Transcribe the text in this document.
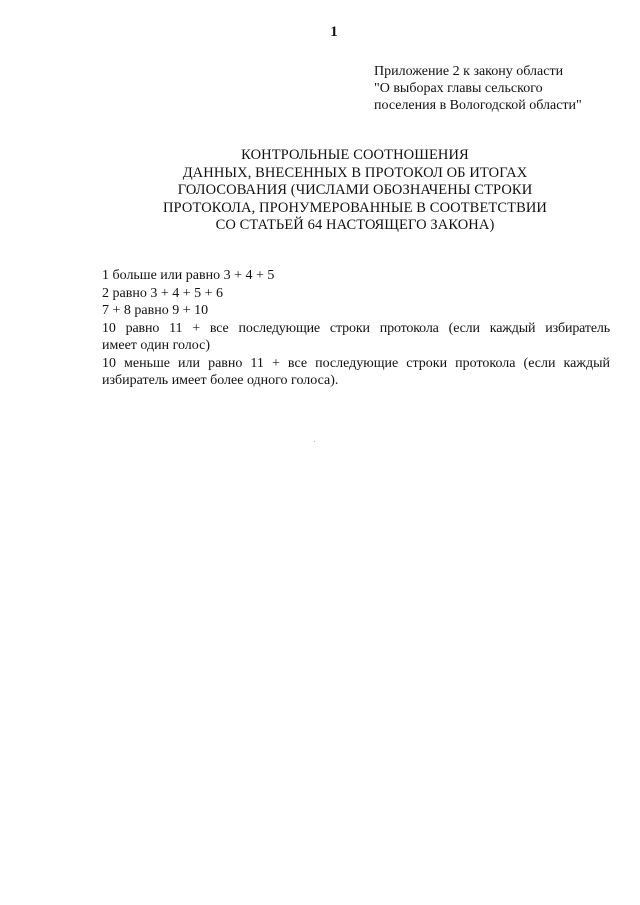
1
Приложение 2 к закону области
"О выборах главы сельского
поселения в Вологодской области"
КОНТРОЛЬНЫЕ СООТНОШЕНИЯ
ДАННЫХ, ВНЕСЕННЫХ В ПРОТОКОЛ ОБ ИТОГАХ
ГОЛОСОВАНИЯ (ЧИСЛАМИ ОБОЗНАЧЕНЫ СТРОКИ
ПРОТОКОЛА, ПРОНУМЕРОВАННЫЕ В СООТВЕТСТВИИ
СО СТАТЬЕЙ 64 НАСТОЯЩЕГО ЗАКОНА)
1 больше или равно 3 + 4 + 5
2 равно 3 + 4 + 5 + 6
7 + 8 равно 9 + 10
10 равно 11 + все последующие строки протокола (если каждый избиратель
имеет один голос)
10 меньше или равно 11 + все последующие строки протокола (если каждый
избиратель имеет более одного голоса).
